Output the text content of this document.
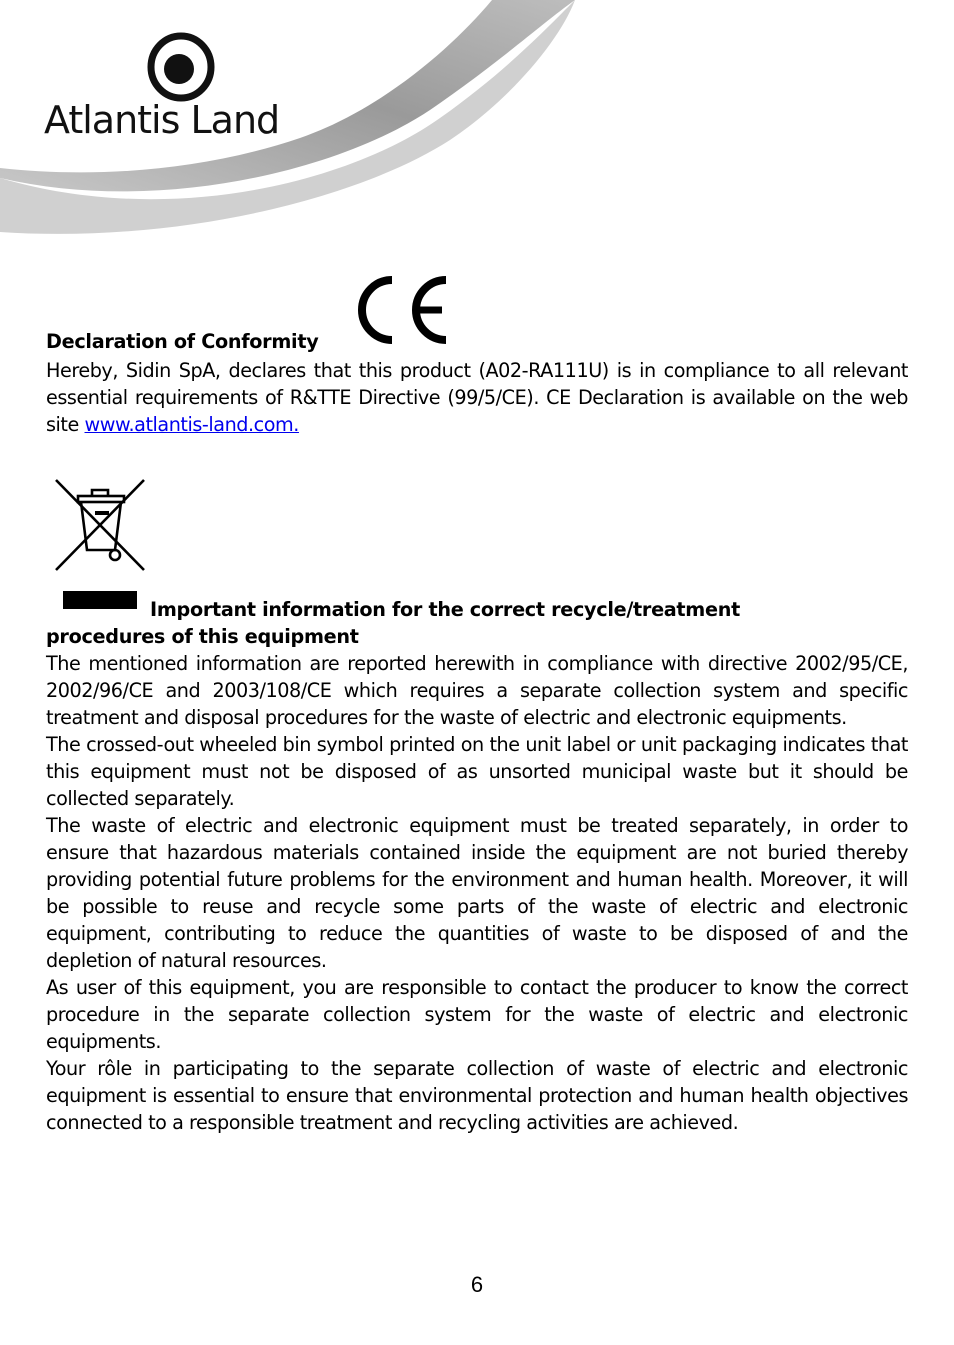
Atlantis Land
Declaration of Conformity
Hereby, Sidin SpA, declares that this product (A02-RA111U) is in compliance to all relevant essential requirements of R&TTE Directive (99/5/CE). CE Declaration is available on the web site www.atlantis-land.com.
Important information for the correct recycle/treatment
procedures of this equipment

The mentioned information are reported herewith in compliance with directive 2002/95/CE, 2002/96/CE and 2003/108/CE which requires a separate collection system and specific treatment and disposal procedures for the waste of electric and electronic equipments.

The crossed-out wheeled bin symbol printed on the unit label or unit packaging indicates that this equipment must not be disposed of as unsorted municipal waste but it should be collected separately.

The waste of electric and electronic equipment must be treated separately, in order to ensure that hazardous materials contained inside the equipment are not buried thereby providing potential future problems for the environment and human health. Moreover, it will be possible to reuse and recycle some parts of the waste of electric and electronic equipment, contributing to reduce the quantities of waste to be disposed of and the depletion of natural resources.

As user of this equipment, you are responsible to contact the producer to know the correct procedure in the separate collection system for the waste of electric and electronic equipments.

Your rôle in participating to the separate collection of waste of electric and electronic equipment is essential to ensure that environmental protection and human health objectives connected to a responsible treatment and recycling activities are achieved.

6
